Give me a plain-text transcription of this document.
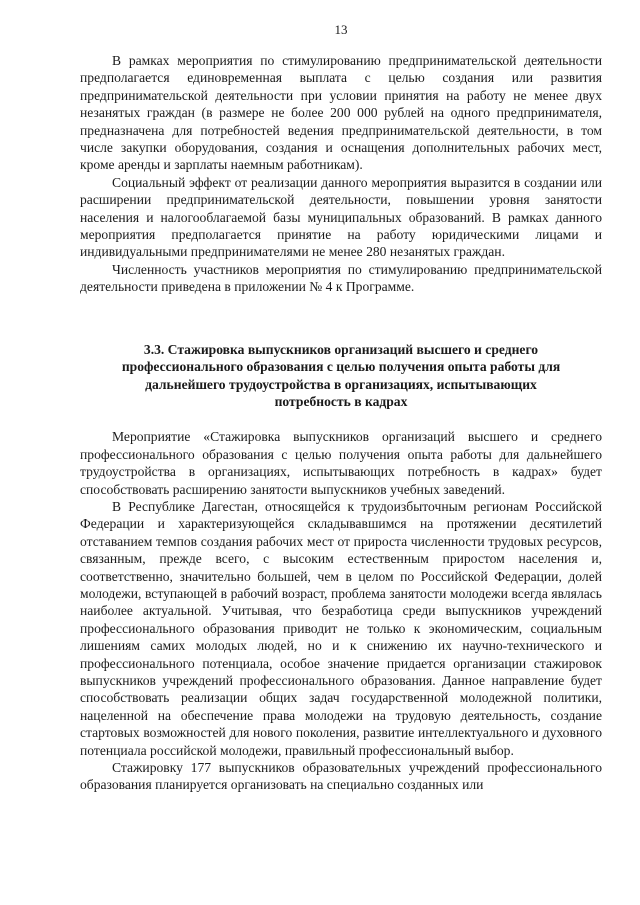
13

В рамках мероприятия по стимулированию предпринимательской деятельности предполагается единовременная выплата с целью создания или развития предпринимательской деятельности при условии принятия на работу не менее двух незанятых граждан (в размере не более 200 000 рублей на одного предпринимателя, предназначена для потребностей ведения предпринимательской деятельности, в том числе закупки оборудования, создания и оснащения дополнительных рабочих мест, кроме аренды и зарплаты наемным работникам).

Социальный эффект от реализации данного мероприятия выразится в создании или расширении предпринимательской деятельности, повышении уровня занятости населения и налогооблагаемой базы муниципальных образований. В рамках данного мероприятия предполагается принятие на работу юридическими лицами и индивидуальными предпринимателями не менее 280 незанятых граждан.

Численность участников мероприятия по стимулированию предпринимательской деятельности приведена в приложении № 4 к Программе.

3.3. Стажировка выпускников организаций высшего и среднего профессионального образования с целью получения опыта работы для дальнейшего трудоустройства в организациях, испытывающих потребность в кадрах

Мероприятие «Стажировка выпускников организаций высшего и среднего профессионального образования с целью получения опыта работы для дальнейшего трудоустройства в организациях, испытывающих потребность в кадрах» будет способствовать расширению занятости выпускников учебных заведений.

В Республике Дагестан, относящейся к трудоизбыточным регионам Российской Федерации и характеризующейся складывавшимся на протяжении десятилетий отставанием темпов создания рабочих мест от прироста численности трудовых ресурсов, связанным, прежде всего, с высоким естественным приростом населения и, соответственно, значительно большей, чем в целом по Российской Федерации, долей молодежи, вступающей в рабочий возраст, проблема занятости молодежи всегда являлась наиболее актуальной. Учитывая, что безработица среди выпускников учреждений профессионального образования приводит не только к экономическим, социальным лишениям самих молодых людей, но и к снижению их научно-технического и профессионального потенциала, особое значение придается организации стажировок выпускников учреждений профессионального образования. Данное направление будет способствовать реализации общих задач государственной молодежной политики, нацеленной на обеспечение права молодежи на трудовую деятельность, создание стартовых возможностей для нового поколения, развитие интеллектуального и духовного потенциала российской молодежи, правильный профессиональный выбор.

Стажировку 177 выпускников образовательных учреждений профессионального образования планируется организовать на специально созданных или
